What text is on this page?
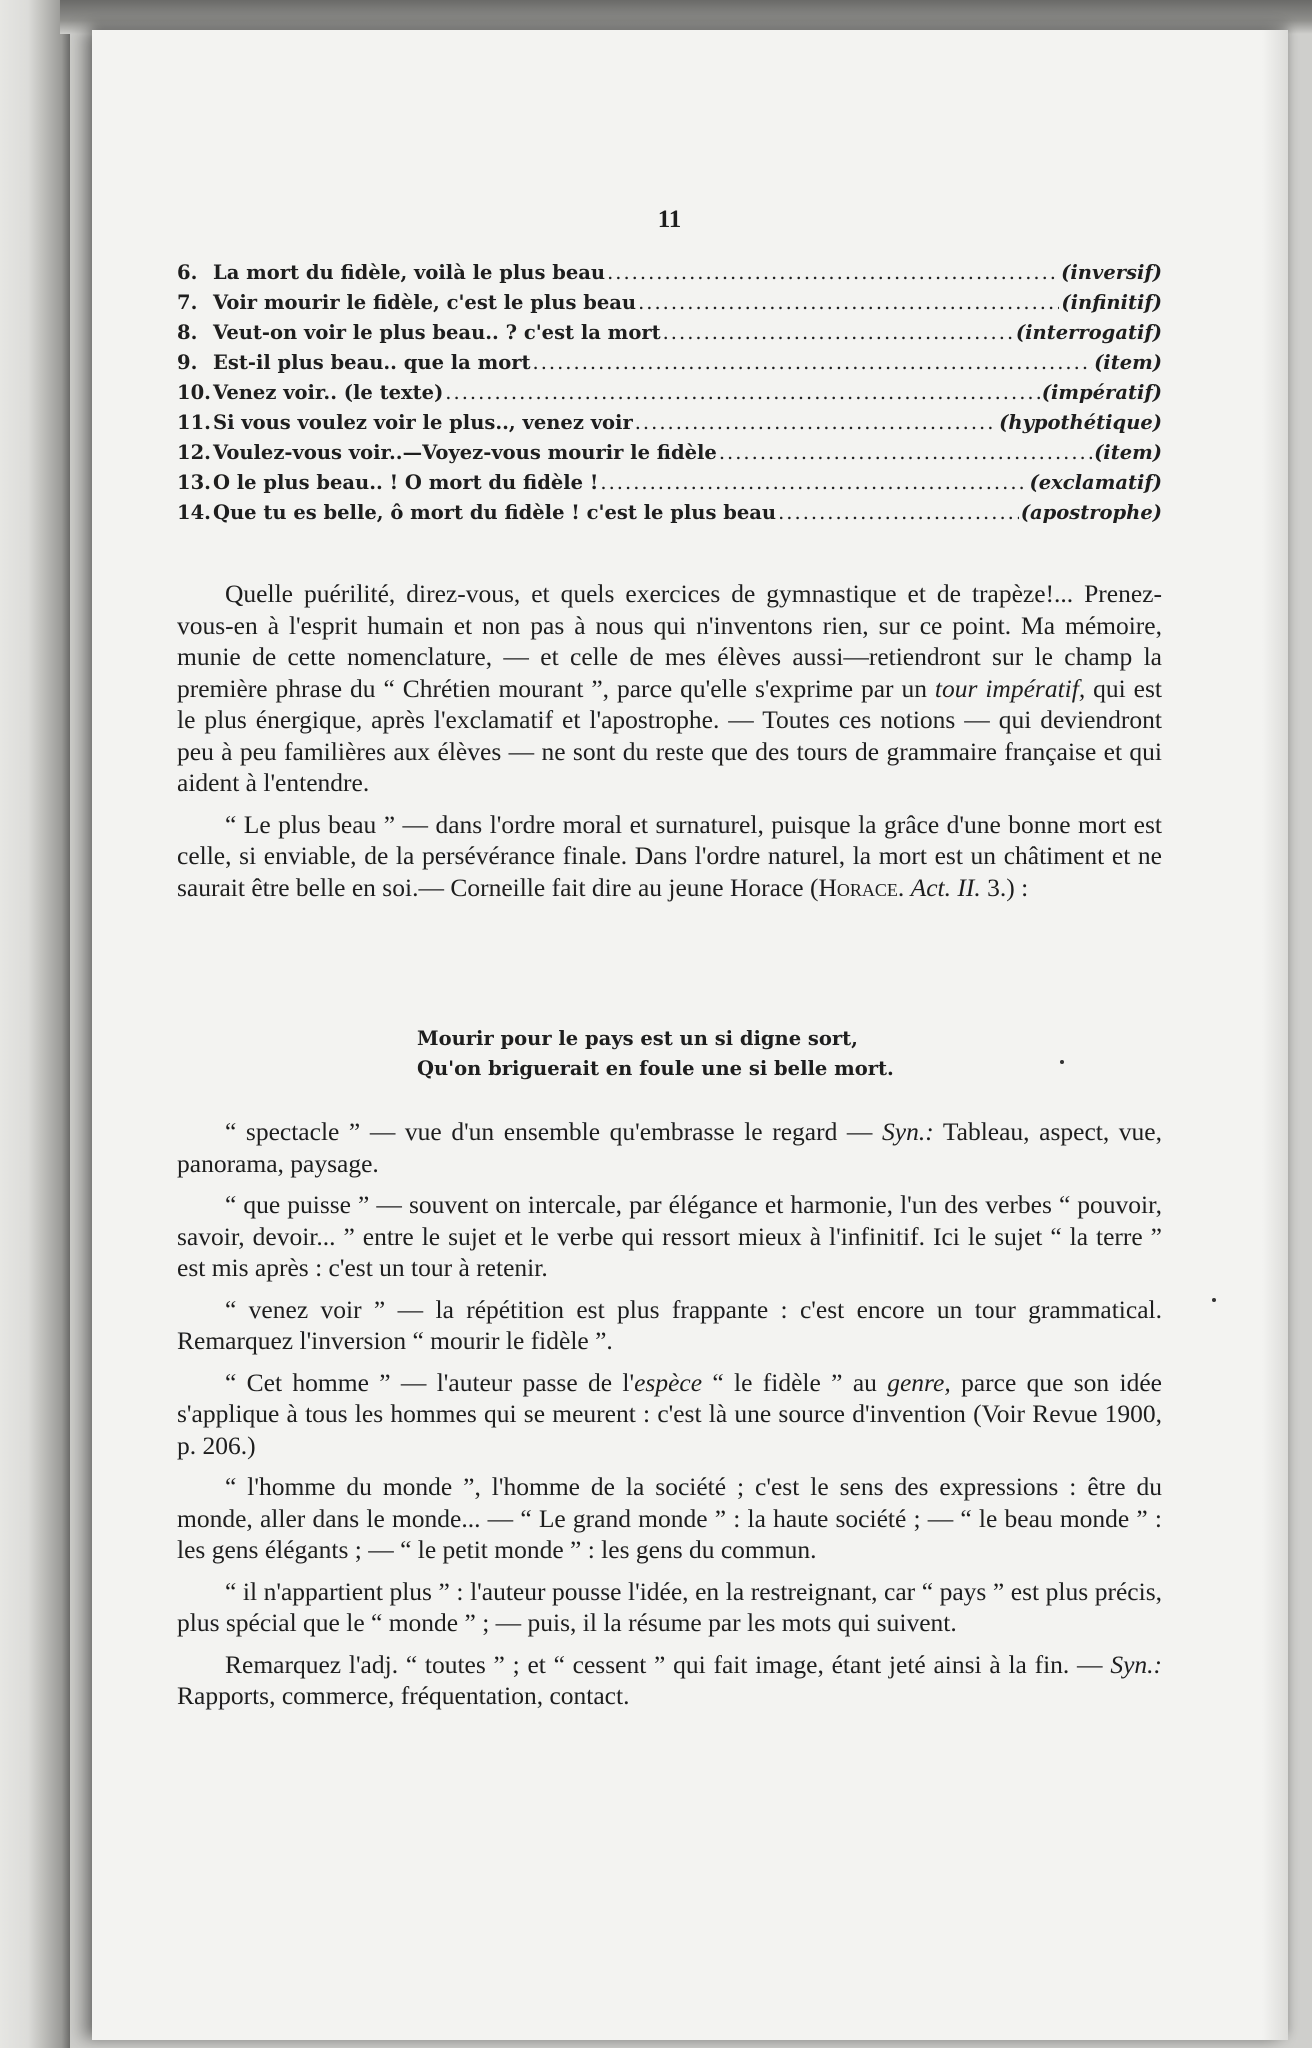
11
6. La mort du fidèle, voilà le plus beau .....	(inversif)
7. Voir mourir le fidèle, c'est le plus beau .....	(infinitif)
8. Veut-on voir le plus beau.. ? c'est la mort .....	(interrogatif)
9. Est-il plus beau.. que la mort .....	(item)
10. Venez voir.. (le texte) .....	(impératif)
11. Si vous voulez voir le plus.., venez voir .....	(hypothétique)
12. Voulez-vous voir..—Voyez-vous mourir le fidèle .....	(item)
13. O le plus beau.. ! O mort du fidèle ! .....	(exclamatif)
14. Que tu es belle, ô mort du fidèle ! c'est le plus beau .....	(apostrophe)

Quelle puérilité, direz-vous, et quels exercices de gymnastique et de trapèze!... Prenez-vous-en à l'esprit humain et non pas à nous qui n'inventons rien, sur ce point. Ma mémoire, munie de cette nomenclature, — et celle de mes élèves aussi—retiendront sur le champ la première phrase du “ Chrétien mourant ”, parce qu'elle s'exprime par un tour impératif, qui est le plus énergique, après l'exclamatif et l'apostrophe. — Toutes ces notions — qui deviendront peu à peu familières aux élèves — ne sont du reste que des tours de grammaire française et qui aident à l'entendre.

“ Le plus beau ” — dans l'ordre moral et surnaturel, puisque la grâce d'une bonne mort est celle, si enviable, de la persévérance finale. Dans l'ordre naturel, la mort est un châtiment et ne saurait être belle en soi.— Corneille fait dire au jeune Horace (Horace. Act. II. 3.) :

Mourir pour le pays est un si digne sort,
Qu'on briguerait en foule une si belle mort.

“ spectacle ” — vue d'un ensemble qu'embrasse le regard — Syn.: Tableau, aspect, vue, panorama, paysage.

“ que puisse ” — souvent on intercale, par élégance et harmonie, l'un des verbes “ pouvoir, savoir, devoir... ” entre le sujet et le verbe qui ressort mieux à l'infinitif. Ici le sujet “ la terre ” est mis après : c'est un tour à retenir.

“ venez voir ” — la répétition est plus frappante : c'est encore un tour grammatical. Remarquez l'inversion “ mourir le fidèle ”.

“ Cet homme ” — l'auteur passe de l'espèce “ le fidèle ” au genre, parce que son idée s'applique à tous les hommes qui se meurent : c'est là une source d'invention (Voir Revue 1900, p. 206.)

“ l'homme du monde ”, l'homme de la société ; c'est le sens des expressions : être du monde, aller dans le monde... — “ Le grand monde ” : la haute société ; — “ le beau monde ” : les gens élégants ; — “ le petit monde ” : les gens du commun.

“ il n'appartient plus ” : l'auteur pousse l'idée, en la restreignant, car “ pays ” est plus précis, plus spécial que le “ monde ” ; — puis, il la résume par les mots qui suivent.

Remarquez l'adj. “ toutes ” ; et “ cessent ” qui fait image, étant jeté ainsi à la fin. — Syn.: Rapports, commerce, fréquentation, contact.
